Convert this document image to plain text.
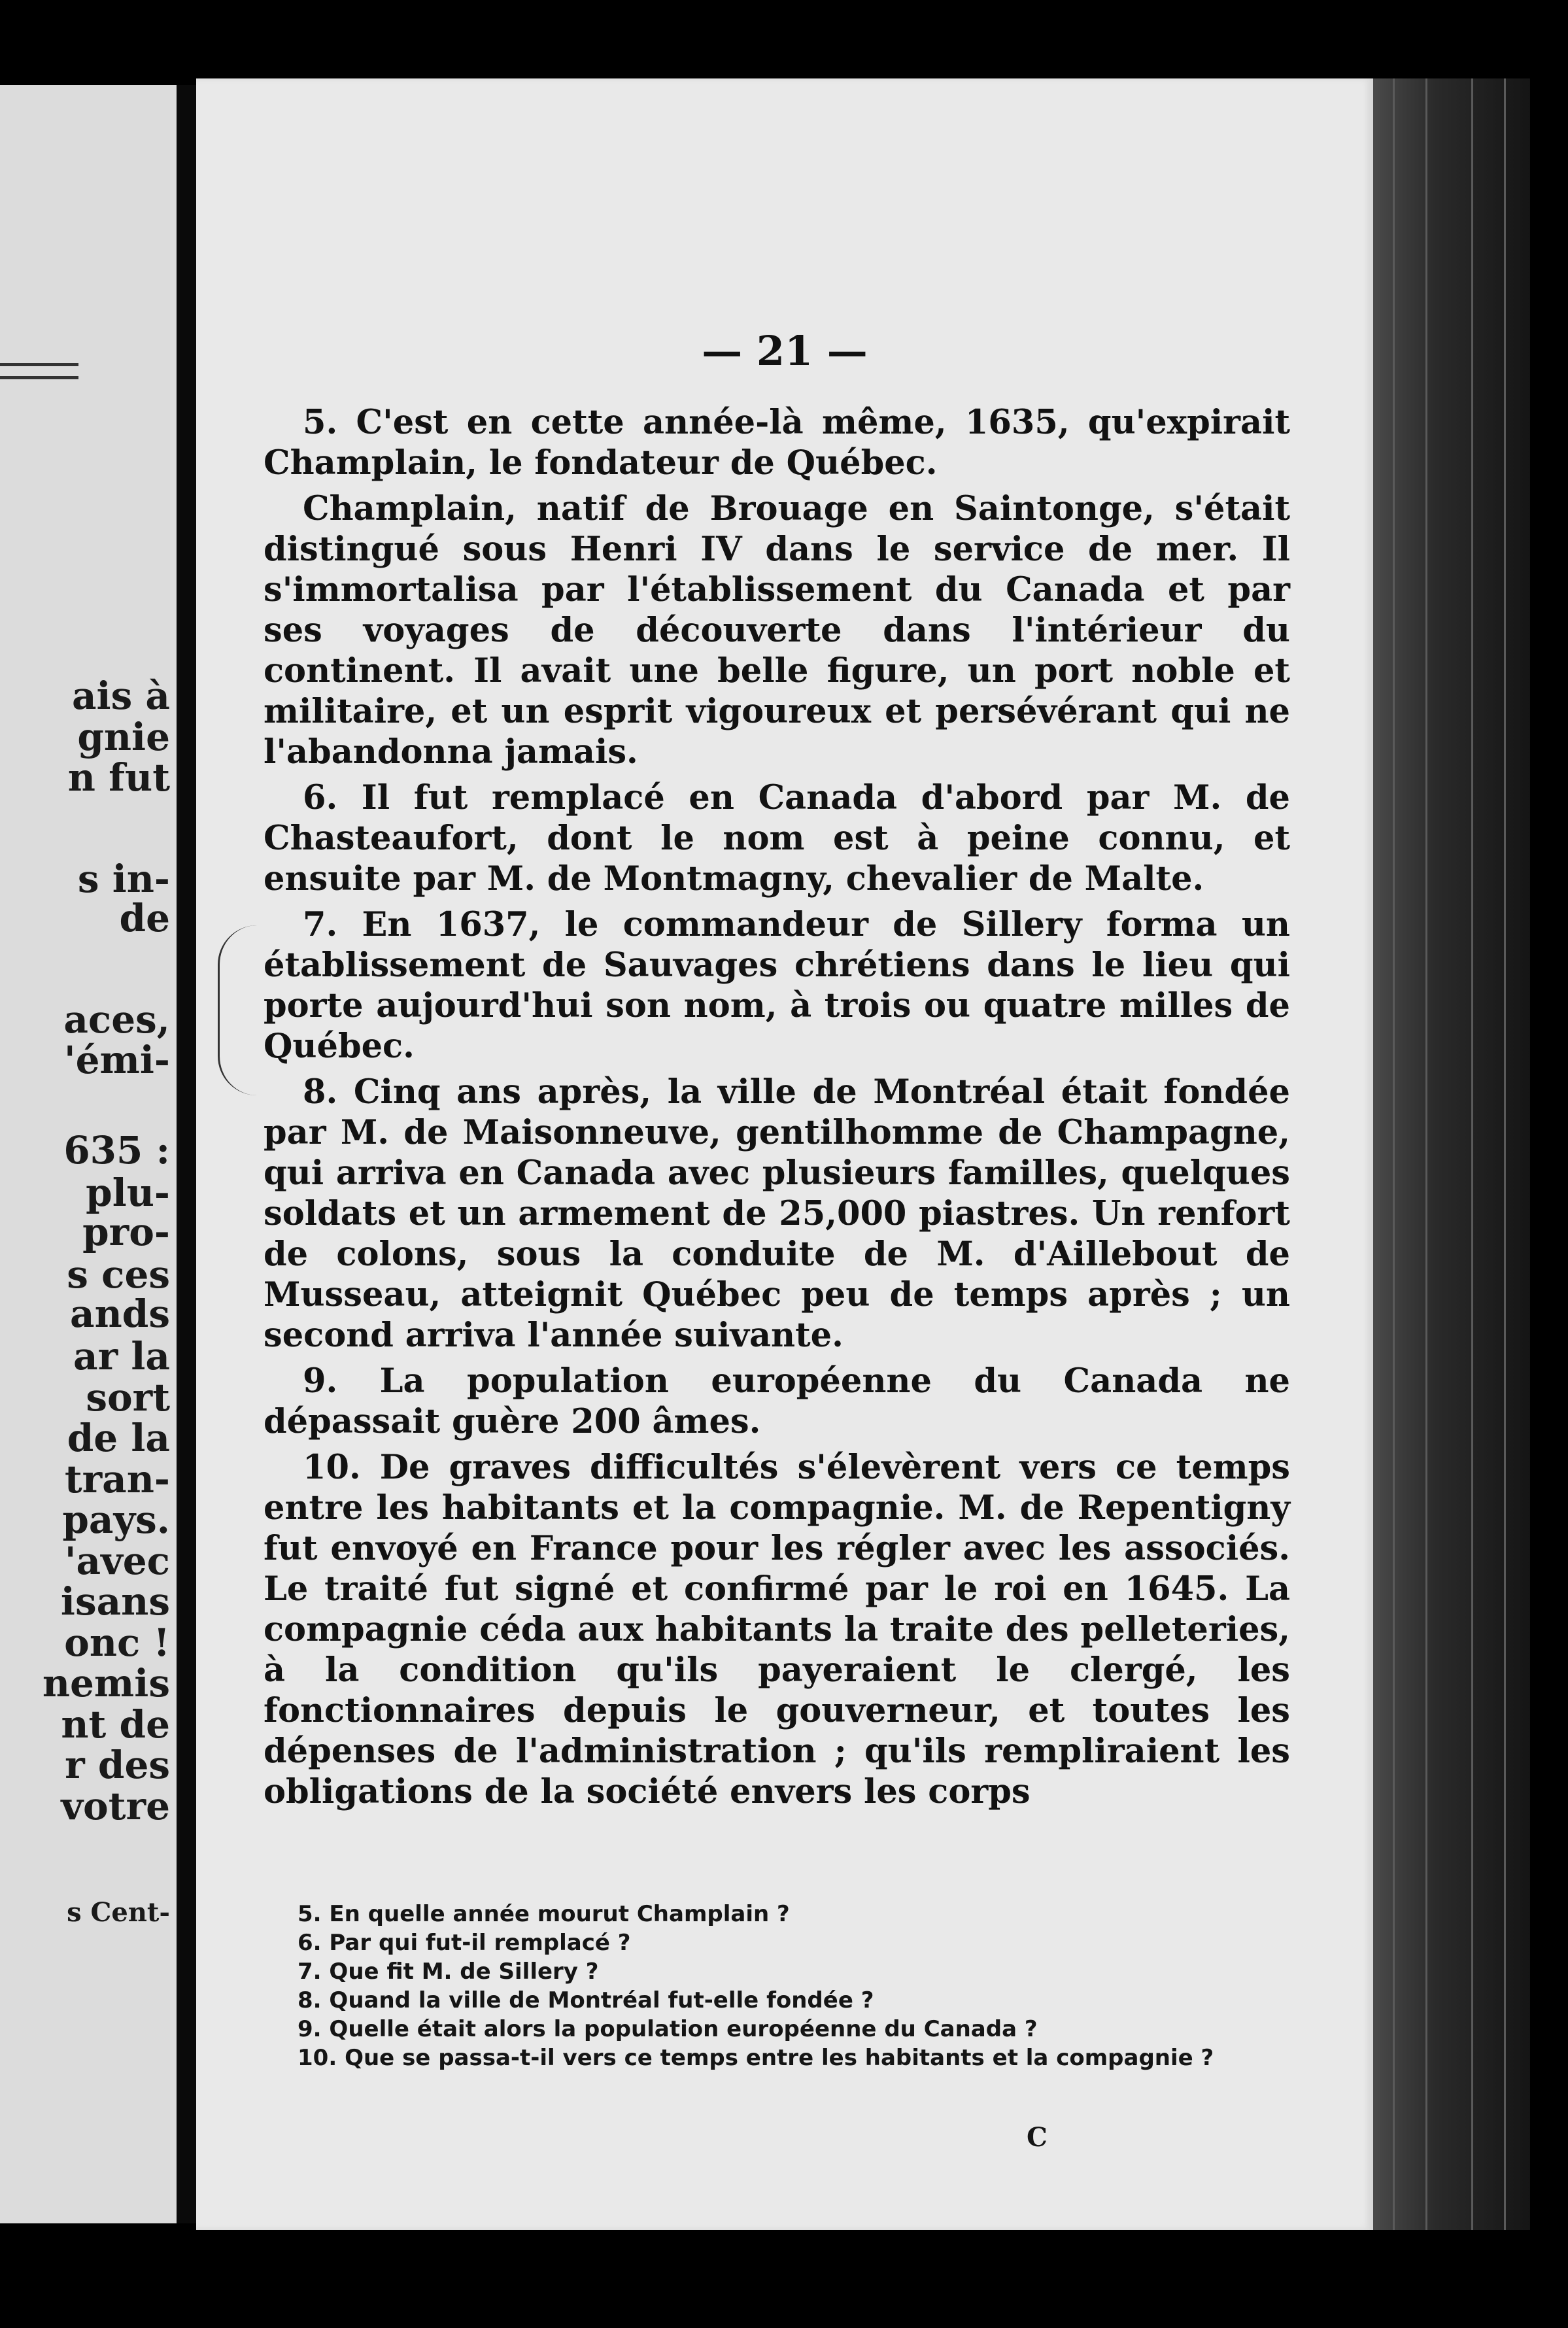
ais à
gnie
n fut
s in-
de
aces,
'émi-
635 :
plu-
pro-
s ces
ands
ar la
sort
de la
tran-
pays.
'avec
isans
onc !
nemis
nt de
r des
votre
s Cent-
— 21 —

5. C'est en cette année-là même, 1635, qu'expirait Champlain, le fondateur de Québec.

Champlain, natif de Brouage en Saintonge, s'était distingué sous Henri IV dans le service de mer. Il s'immortalisa par l'établissement du Canada et par ses voyages de découverte dans l'intérieur du continent. Il avait une belle figure, un port noble et militaire, et un esprit vigoureux et persévérant qui ne l'abandonna jamais.

6. Il fut remplacé en Canada d'abord par M. de Chasteaufort, dont le nom est à peine connu, et ensuite par M. de Montmagny, chevalier de Malte.

7. En 1637, le commandeur de Sillery forma un établissement de Sauvages chrétiens dans le lieu qui porte aujourd'hui son nom, à trois ou quatre milles de Québec.

8. Cinq ans après, la ville de Montréal était fondée par M. de Maisonneuve, gentilhomme de Champagne, qui arriva en Canada avec plusieurs familles, quelques soldats et un armement de 25,000 piastres. Un renfort de colons, sous la conduite de M. d'Aillebout de Musseau, atteignit Québec peu de temps après ; un second arriva l'année suivante.

9. La population européenne du Canada ne dépassait guère 200 âmes.

10. De graves difficultés s'élevèrent vers ce temps entre les habitants et la compagnie. M. de Repentigny fut envoyé en France pour les régler avec les associés. Le traité fut signé et confirmé par le roi en 1645. La compagnie céda aux habitants la traite des pelleteries, à la condition qu'ils payeraient le clergé, les fonctionnaires depuis le gouverneur, et toutes les dépenses de l'administration ; qu'ils rempliraient les obligations de la société envers les corps

5. En quelle année mourut Champlain ?

6. Par qui fut-il remplacé ?

7. Que fit M. de Sillery ?

8. Quand la ville de Montréal fut-elle fondée ?

9. Quelle était alors la population européenne du Canada ?

10. Que se passa-t-il vers ce temps entre les habitants et la compagnie ?

C
